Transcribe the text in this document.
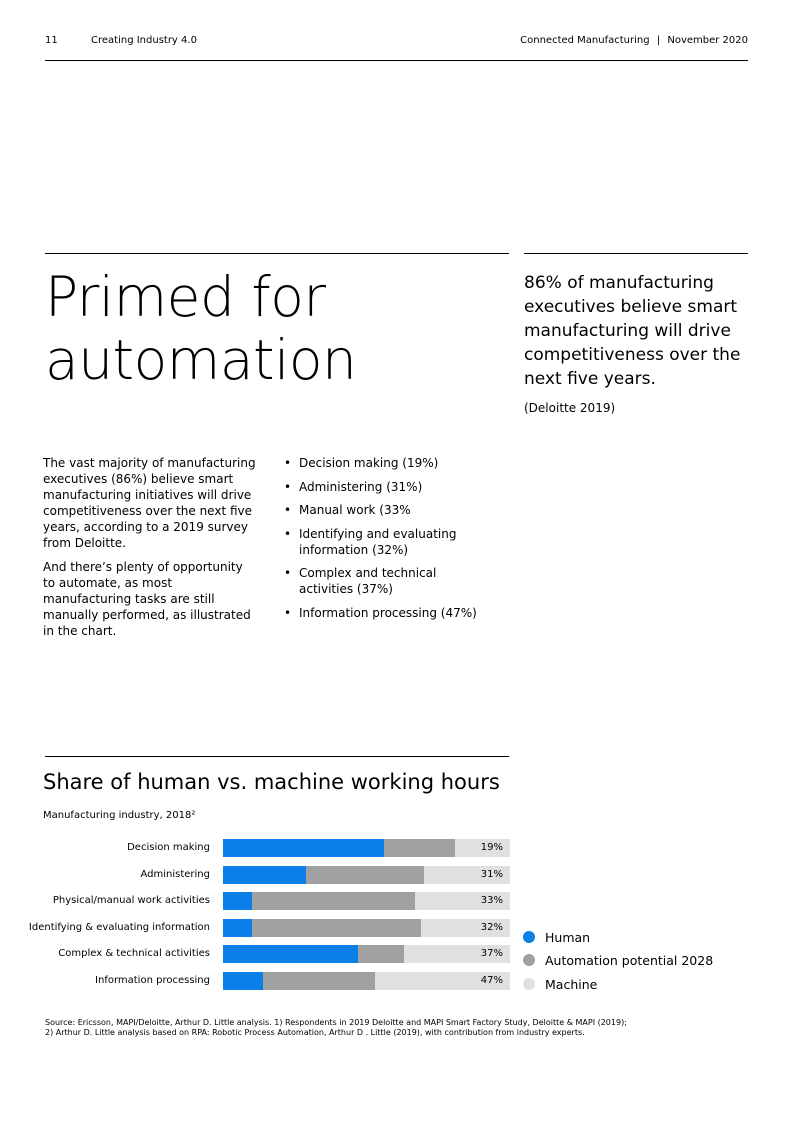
11	Creating Industry 4.0	Connected Manufacturing | November 2020
Primed for
automation
86% of manufacturing executives believe smart manufacturing will drive competitiveness over the next five years.
(Deloitte 2019)

The vast majority of manufacturing executives (86%) believe smart manufacturing initiatives will drive competitiveness over the next five years, according to a 2019 survey from Deloitte.

And there’s plenty of opportunity to automate, as most manufacturing tasks are still manually performed, as illustrated in the chart.

• Decision making (19%)
• Administering (31%)
• Manual work (33%
• Identifying and evaluating information (32%)
• Complex and technical activities (37%)
• Information processing (47%)
Share of human vs. machine working hours
Manufacturing industry, 2018²
Decision making	19%
Administering	31%
Physical/manual work activities	33%
Identifying & evaluating information	32%
Complex & technical activities	37%
Information processing	47%
Human
Automation potential 2028
Machine
Source: Ericsson, MAPI/Deloitte, Arthur D. Little analysis. 1) Respondents in 2019 Deloitte and MAPI Smart Factory Study, Deloitte & MAPI (2019);
2) Arthur D. Little analysis based on RPA: Robotic Process Automation, Arthur D . Little (2019), with contribution from industry experts.
